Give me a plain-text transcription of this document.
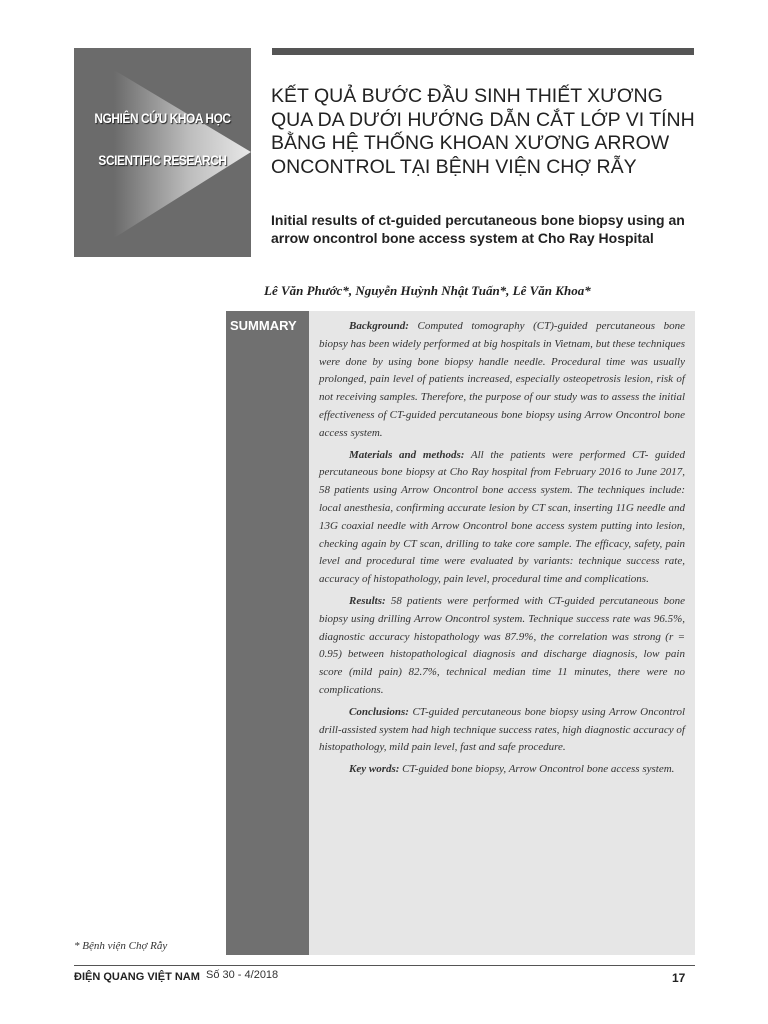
NGHIÊN CỨU KHOA HỌC
SCIENTIFIC RESEARCH
KẾT QUẢ BƯỚC ĐẦU SINH THIẾT XƯƠNG QUA DA DƯỚI HƯỚNG DẪN CẮT LỚP VI TÍNH BẰNG HỆ THỐNG KHOAN XƯƠNG ARROW ONCONTROL TẠI BỆNH VIỆN CHỢ RẪY
Initial results of ct-guided percutaneous bone biopsy using an arrow oncontrol bone access system at Cho Ray Hospital
Lê Văn Phước*, Nguyễn Huỳnh Nhật Tuấn*, Lê Văn Khoa*
SUMMARY	Background: Computed tomography (CT)-guided percutaneous bone biopsy has been widely performed at big hospitals in Vietnam, but these techniques were done by using bone biopsy handle needle. Procedural time was usually prolonged, pain level of patients increased, especially osteopetrosis lesion, risk of not receiving samples. Therefore, the purpose of our study was to assess the initial effectiveness of CT-guided percutaneous bone biopsy using Arrow Oncontrol bone access system.

Materials and methods: All the patients were performed CT- guided percutaneous bone biopsy at Cho Ray hospital from February 2016 to June 2017, 58 patients using Arrow Oncontrol bone access system. The techniques include: local anesthesia, confirming accurate lesion by CT scan, inserting 11G needle and 13G coaxial needle with Arrow Oncontrol bone access system putting into lesion, checking again by CT scan, drilling to take core sample. The efficacy, safety, pain level and procedural time were evaluated by variants: technique success rate, accuracy of histopathology, pain level, procedural time and complications.

Results: 58 patients were performed with CT-guided percutaneous bone biopsy using drilling Arrow Oncontrol system. Technique success rate was 96.5%, diagnostic accuracy histopathology was 87.9%, the correlation was strong (r = 0.95) between histopathological diagnosis and discharge diagnosis, low pain score (mild pain) 82.7%, technical median time 11 minutes, there were no complications.

Conclusions: CT-guided percutaneous bone biopsy using Arrow Oncontrol drill-assisted system had high technique success rates, high diagnostic accuracy of histopathology, mild pain level, fast and safe procedure.

Key words: CT-guided bone biopsy, Arrow Oncontrol bone access system.

* Bệnh viện Chợ Rẫy
ĐIỆN QUANG VIỆT NAM Số 30 - 4/2018	17
